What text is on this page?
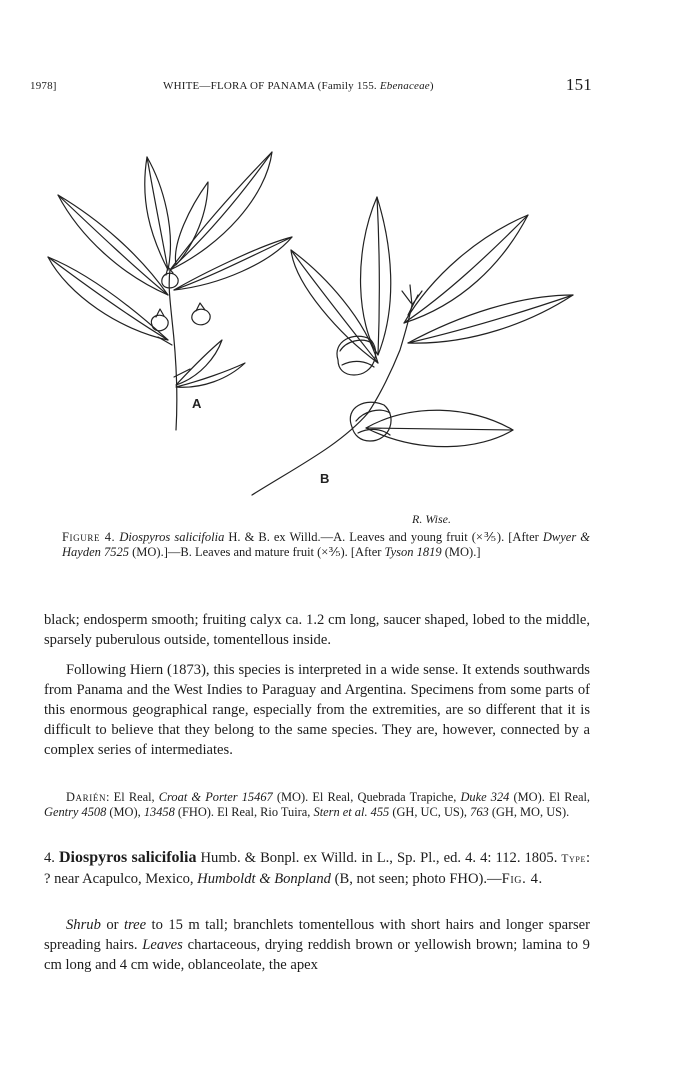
1978]	WHITE—FLORA OF PANAMA (Family 155. Ebenaceae)	151
A
B
R. Wise.
Figure 4. Diospyros salicifolia H. & B. ex Willd.—A. Leaves and young fruit (×⅗). [After Dwyer & Hayden 7525 (MO).]—B. Leaves and mature fruit (×⅗). [After Tyson 1819 (MO).]
black; endosperm smooth; fruiting calyx ca. 1.2 cm long, saucer shaped, lobed to the middle, sparsely puberulous outside, tomentellous inside.
Following Hiern (1873), this species is interpreted in a wide sense. It extends southwards from Panama and the West Indies to Paraguay and Argentina. Specimens from some parts of this enormous geographical range, especially from the extremities, are so different that it is difficult to believe that they belong to the same species. They are, however, connected by a complex series of intermediates.
Darién: El Real, Croat & Porter 15467 (MO). El Real, Quebrada Trapiche, Duke 324 (MO). El Real, Gentry 4508 (MO), 13458 (FHO). El Real, Rio Tuira, Stern et al. 455 (GH, UC, US), 763 (GH, MO, US).
4. Diospyros salicifolia Humb. & Bonpl. ex Willd. in L., Sp. Pl., ed. 4. 4: 112. 1805. Type: ? near Acapulco, Mexico, Humboldt & Bonpland (B, not seen; photo FHO).—Fig. 4.
Shrub or tree to 15 m tall; branchlets tomentellous with short hairs and longer sparser spreading hairs. Leaves chartaceous, drying reddish brown or yellowish brown; lamina to 9 cm long and 4 cm wide, oblanceolate, the apex
